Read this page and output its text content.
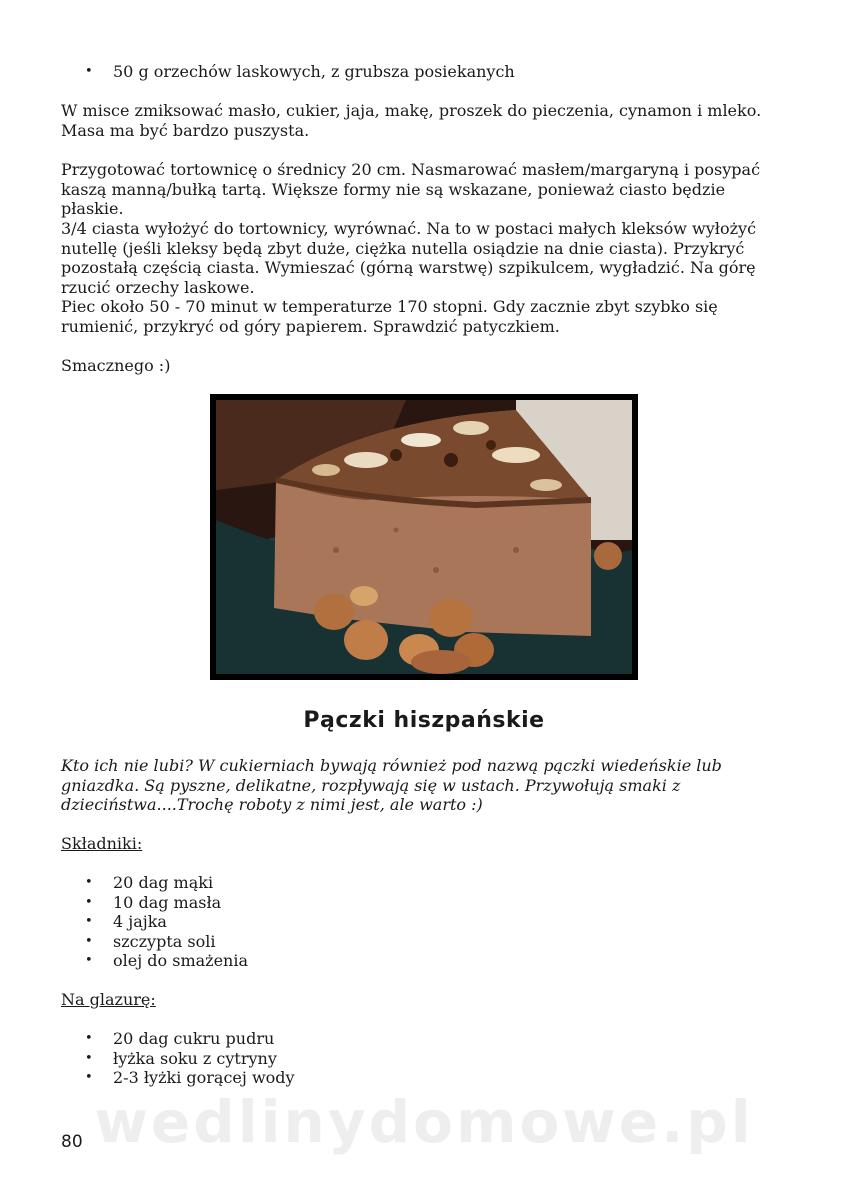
• 50 g orzechów laskowych, z grubsza posiekanych

W misce zmiksować masło, cukier, jaja, makę, proszek do pieczenia, cynamon i mleko. Masa ma być bardzo puszysta.

Przygotować tortownicę o średnicy 20 cm. Nasmarować masłem/margaryną i posypać kaszą manną/bułką tartą. Większe formy nie są wskazane, ponieważ ciasto będzie płaskie.

3/4 ciasta wyłożyć do tortownicy, wyrównać. Na to w postaci małych kleksów wyłożyć nutellę (jeśli kleksy będą zbyt duże, ciężka nutella osiądzie na dnie ciasta). Przykryć pozostałą częścią ciasta. Wymieszać (górną warstwę) szpikulcem, wygładzić. Na górę rzucić orzechy laskowe.

Piec około 50 - 70 minut w temperaturze 170 stopni. Gdy zacznie zbyt szybko się rumienić, przykryć od góry papierem. Sprawdzić patyczkiem.

Smacznego :)

Pączki hiszpańskie

Kto ich nie lubi? W cukierniach bywają również pod nazwą pączki wiedeńskie lub gniazdka. Są pyszne, delikatne, rozpływają się w ustach. Przywołują smaki z dzieciństwa....Trochę roboty z nimi jest, ale warto :)

Składniki:

• 20 dag mąki
• 10 dag masła
• 4 jajka
• szczypta soli
• olej do smażenia

Na glazurę:

• 20 dag cukru pudru
• łyżka soku z cytryny
• 2-3 łyżki gorącej wody

wedlinydomowe.pl

80
